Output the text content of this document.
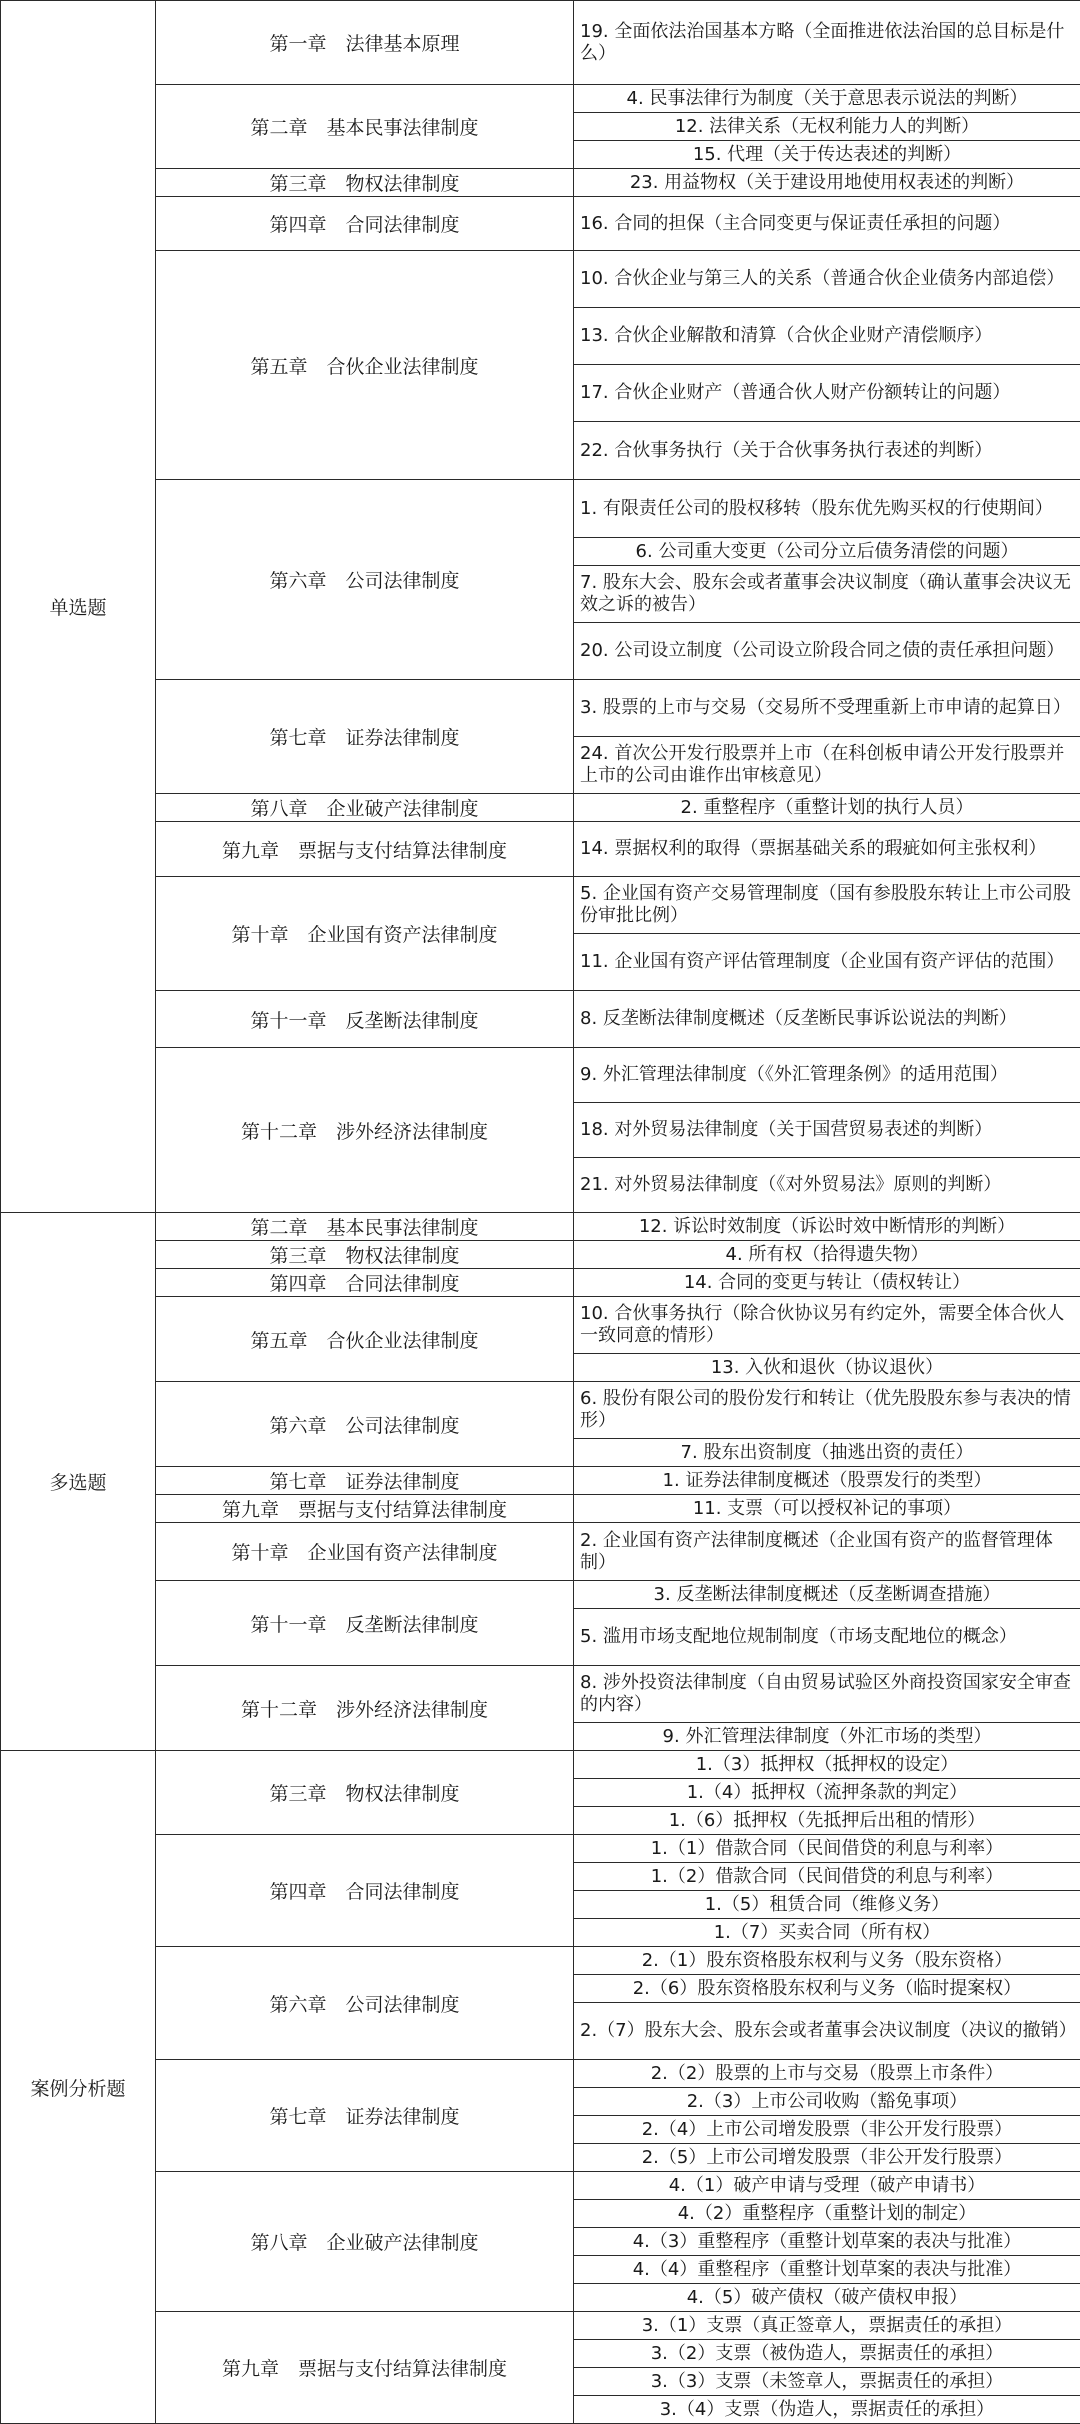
单选题	第一章　法律基本原理	19. 全面依法治国基本方略（全面推进依法治国的总目标是什么）
	第二章　基本民事法律制度	4. 民事法律行为制度（关于意思表示说法的判断）
		12. 法律关系（无权利能力人的判断）
		15. 代理（关于传达表述的判断）
	第三章　物权法律制度	23. 用益物权（关于建设用地使用权表述的判断）
	第四章　合同法律制度	16. 合同的担保（主合同变更与保证责任承担的问题）
	第五章　合伙企业法律制度	10. 合伙企业与第三人的关系（普通合伙企业债务内部追偿）
		13. 合伙企业解散和清算（合伙企业财产清偿顺序）
		17. 合伙企业财产（普通合伙人财产份额转让的问题）
		22. 合伙事务执行（关于合伙事务执行表述的判断）
	第六章　公司法律制度	1. 有限责任公司的股权移转（股东优先购买权的行使期间）
		6. 公司重大变更（公司分立后债务清偿的问题）
		7. 股东大会、股东会或者董事会决议制度（确认董事会决议无效之诉的被告）
		20. 公司设立制度（公司设立阶段合同之债的责任承担问题）
	第七章　证券法律制度	3. 股票的上市与交易（交易所不受理重新上市申请的起算日）
		24. 首次公开发行股票并上市（在科创板申请公开发行股票并上市的公司由谁作出审核意见）
	第八章　企业破产法律制度	2. 重整程序（重整计划的执行人员）
	第九章　票据与支付结算法律制度	14. 票据权利的取得（票据基础关系的瑕疵如何主张权利）
	第十章　企业国有资产法律制度	5. 企业国有资产交易管理制度（国有参股股东转让上市公司股份审批比例）
		11. 企业国有资产评估管理制度（企业国有资产评估的范围）
	第十一章　反垄断法律制度	8. 反垄断法律制度概述（反垄断民事诉讼说法的判断）
	第十二章　涉外经济法律制度	9. 外汇管理法律制度（《外汇管理条例》的适用范围）
		18. 对外贸易法律制度（关于国营贸易表述的判断）
		21. 对外贸易法律制度（《对外贸易法》原则的判断）
多选题	第二章　基本民事法律制度	12. 诉讼时效制度（诉讼时效中断情形的判断）
	第三章　物权法律制度	4. 所有权（拾得遗失物）
	第四章　合同法律制度	14. 合同的变更与转让（债权转让）
	第五章　合伙企业法律制度	10. 合伙事务执行（除合伙协议另有约定外，需要全体合伙人一致同意的情形）
		13. 入伙和退伙（协议退伙）
	第六章　公司法律制度	6. 股份有限公司的股份发行和转让（优先股股东参与表决的情形）
		7. 股东出资制度（抽逃出资的责任）
	第七章　证券法律制度	1. 证券法律制度概述（股票发行的类型）
	第九章　票据与支付结算法律制度	11. 支票（可以授权补记的事项）
	第十章　企业国有资产法律制度	2. 企业国有资产法律制度概述（企业国有资产的监督管理体制）
	第十一章　反垄断法律制度	3. 反垄断法律制度概述（反垄断调查措施）
		5. 滥用市场支配地位规制制度（市场支配地位的概念）
	第十二章　涉外经济法律制度	8. 涉外投资法律制度（自由贸易试验区外商投资国家安全审查的内容）
		9. 外汇管理法律制度（外汇市场的类型）
案例分析题	第三章　物权法律制度	1.（3）抵押权（抵押权的设定）
		1.（4）抵押权（流押条款的判定）
		1.（6）抵押权（先抵押后出租的情形）
	第四章　合同法律制度	1.（1）借款合同（民间借贷的利息与利率）
		1.（2）借款合同（民间借贷的利息与利率）
		1.（5）租赁合同（维修义务）
		1.（7）买卖合同（所有权）
	第六章　公司法律制度	2.（1）股东资格股东权利与义务（股东资格）
		2.（6）股东资格股东权利与义务（临时提案权）
		2.（7）股东大会、股东会或者董事会决议制度（决议的撤销）
	第七章　证券法律制度	2.（2）股票的上市与交易（股票上市条件）
		2.（3）上市公司收购（豁免事项）
		2.（4）上市公司增发股票（非公开发行股票）
		2.（5）上市公司增发股票（非公开发行股票）
	第八章　企业破产法律制度	4.（1）破产申请与受理（破产申请书）
		4.（2）重整程序（重整计划的制定）
		4.（3）重整程序（重整计划草案的表决与批准）
		4.（4）重整程序（重整计划草案的表决与批准）
		4.（5）破产债权（破产债权申报）
	第九章　票据与支付结算法律制度	3.（1）支票（真正签章人，票据责任的承担）
		3.（2）支票（被伪造人，票据责任的承担）
		3.（3）支票（未签章人，票据责任的承担）
		3.（4）支票（伪造人，票据责任的承担）
